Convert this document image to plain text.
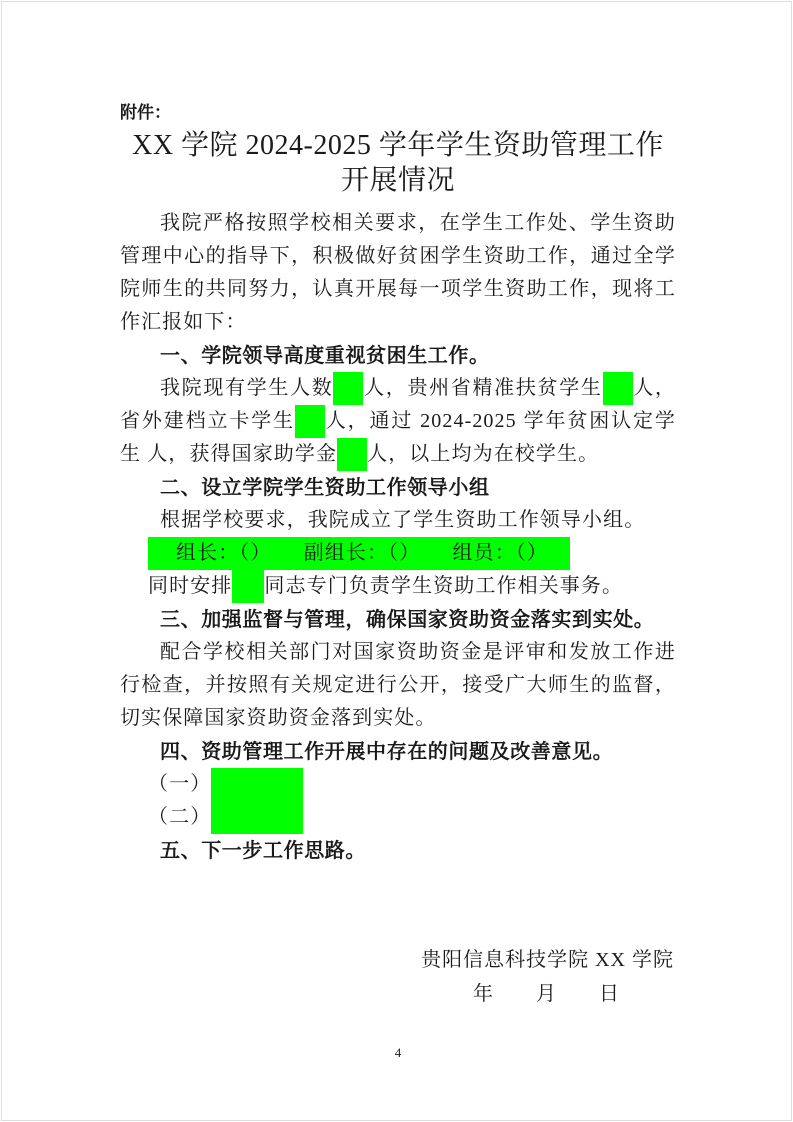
附件：

XX 学院 2024-2025 学年学生资助管理工作
开展情况

我院严格按照学校相关要求，在学生工作处、学生资助管理中心的指导下，积极做好贫困学生资助工作，通过全学院师生的共同努力，认真开展每一项学生资助工作，现将工作汇报如下：

一、学院领导高度重视贫困生工作。

我院现有学生人数 人，贵州省精准扶贫学生 人，省外建档立卡学生 人，通过 2024-2025 学年贫困认定学生 人，获得国家助学金 人，以上均为在校学生。

二、设立学院学生资助工作领导小组

根据学校要求，我院成立了学生资助工作领导小组。

组长：（）　　副组长：（）　　组员：（）

同时安排 同志专门负责学生资助工作相关事务。

三、加强监督与管理，确保国家资助资金落实到实处。

配合学校相关部门对国家资助资金是评审和发放工作进行检查，并按照有关规定进行公开，接受广大师生的监督，切实保障国家资助资金落到实处。

四、资助管理工作开展中存在的问题及改善意见。

（一）

（二）

五、下一步工作思路。

贵阳信息科技学院 XX 学院

年　　月　　日

4
